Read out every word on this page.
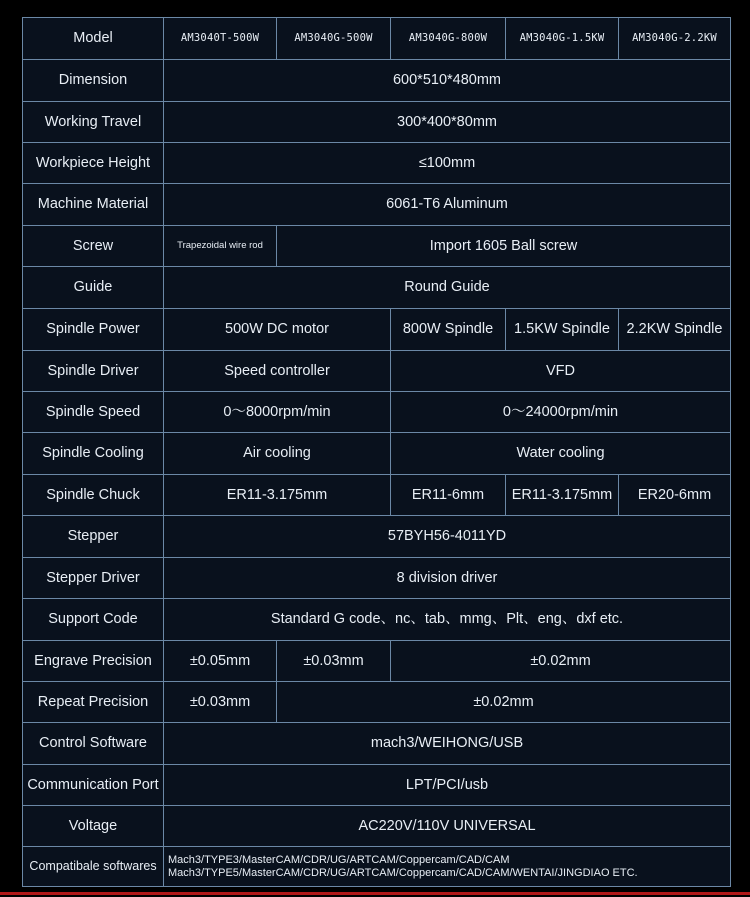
Model	AM3040T-500W	AM3040G-500W	AM3040G-800W	AM3040G-1.5KW	AM3040G-2.2KW
Dimension	600*510*480mm
Working Travel	300*400*80mm
Workpiece Height	≤100mm
Machine Material	6061-T6 Aluminum
Screw	Trapezoidal wire rod	Import 1605 Ball screw
Guide	Round Guide
Spindle Power	500W DC motor	800W Spindle	1.5KW Spindle	2.2KW Spindle
Spindle Driver	Speed controller	VFD
Spindle Speed	0～8000rpm/min	0～24000rpm/min
Spindle Cooling	Air cooling	Water cooling
Spindle Chuck	ER11-3.175mm	ER11-6mm	ER11-3.175mm	ER20-6mm
Stepper	57BYH56-4011YD
Stepper Driver	8 division driver
Support Code	Standard G code、nc、tab、mmg、Plt、eng、dxf etc.
Engrave Precision	±0.05mm	±0.03mm	±0.02mm
Repeat Precision	±0.03mm	±0.02mm
Control Software	mach3/WEIHONG/USB
Communication Port	LPT/PCI/usb
Voltage	AC220V/110V UNIVERSAL
Compatibale softwares	Mach3/TYPE3/MasterCAM/CDR/UG/ARTCAM/Coppercam/CAD/CAM
Mach3/TYPE5/MasterCAM/CDR/UG/ARTCAM/Coppercam/CAD/CAM/WENTAI/JINGDIAO ETC.
